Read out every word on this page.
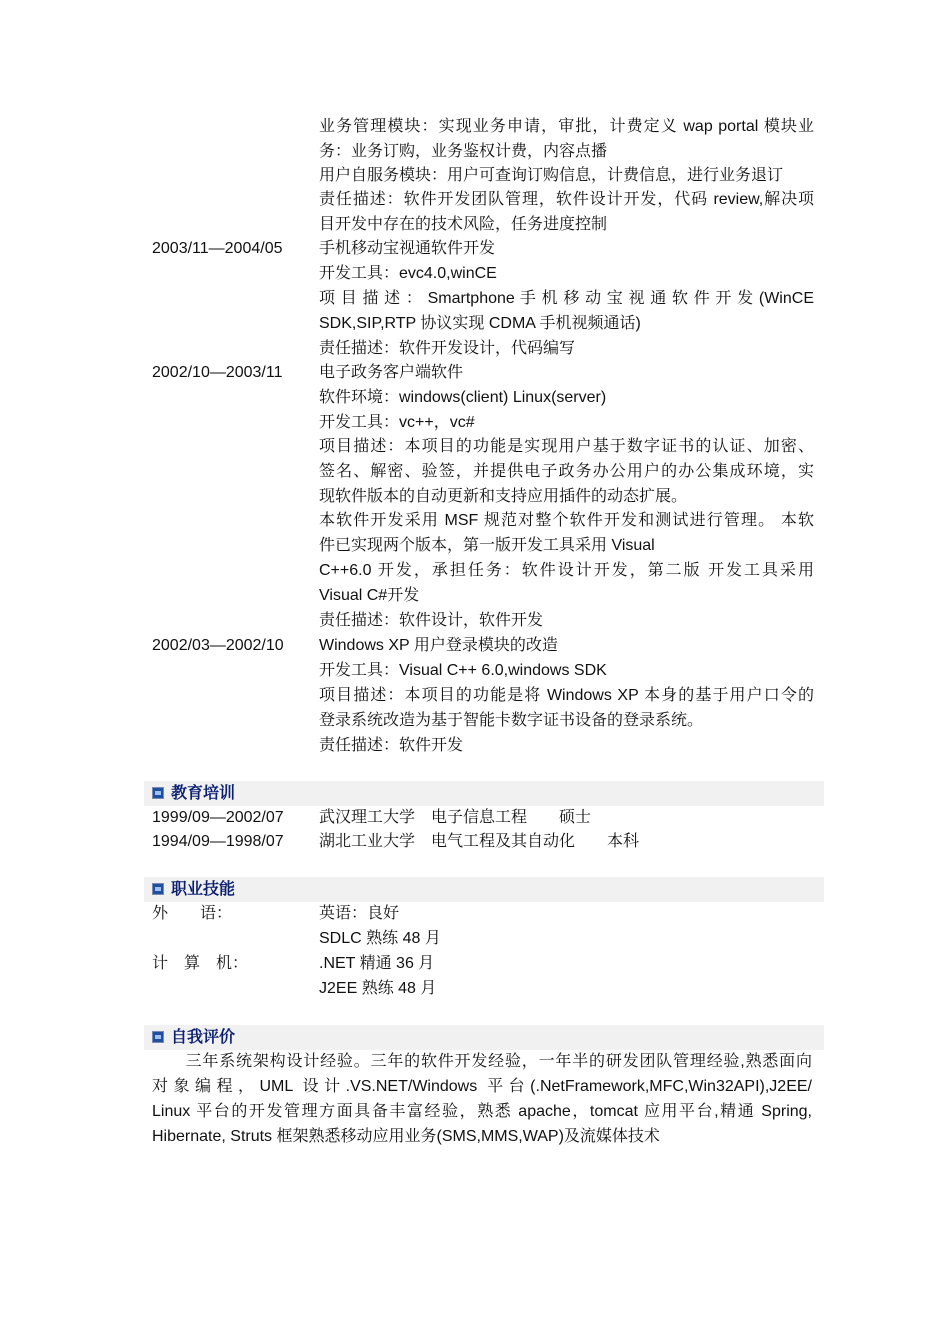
业务管理模块：实现业务申请，审批，计费定义 wap portal 模块业
务：业务订购，业务鉴权计费，内容点播
用户自服务模块：用户可查询订购信息，计费信息，进行业务退订
责任描述：软件开发团队管理，软件设计开发，代码 review,解决项
目开发中存在的技术风险，任务进度控制
2003/11—2004/05	手机移动宝视通软件开发
开发工具：evc4.0,winCE
项 目 描 述 ： Smartphone 手 机 移 动 宝 视 通 软 件 开 发 (WinCE
SDK,SIP,RTP 协议实现 CDMA 手机视频通话)
责任描述：软件开发设计，代码编写
2002/10—2003/11	电子政务客户端软件
软件环境：windows(client) Linux(server)
开发工具：vc++，vc#
项目描述：本项目的功能是实现用户基于数字证书的认证、加密、
签名、解密、验签，并提供电子政务办公用户的办公集成环境，实
现软件版本的自动更新和支持应用插件的动态扩展。
本软件开发采用 MSF 规范对整个软件开发和测试进行管理。 本软
件已实现两个版本，第一版开发工具采用 Visual
C++6.0 开发，承担任务：软件设计开发，第二版 开发工具采用
Visual C#开发
责任描述：软件设计，软件开发
2002/03—2002/10	Windows XP 用户登录模块的改造
开发工具：Visual C++ 6.0,windows SDK
项目描述：本项目的功能是将 Windows XP 本身的基于用户口令的
登录系统改造为基于智能卡数字证书设备的登录系统。
责任描述：软件开发
教育培训
1999/09—2002/07	武汉理工大学　电子信息工程　　硕士
1994/09—1998/07	湖北工业大学　电气工程及其自动化　　本科
职业技能
外　　语：	英语：良好
SDLC 熟练 48 月
计　算　机：	.NET 精通 36 月
J2EE 熟练 48 月
自我评价
　　三年系统架构设计经验。三年的软件开发经验，一年半的研发团队管理经验,熟悉面向
对象编程，UML 设计.VS.NET/Windows 平台(.NetFramework,MFC,Win32API),J2EE/
Linux 平台的开发管理方面具备丰富经验，熟悉 apache，tomcat 应用平台,精通 Spring,
Hibernate, Struts 框架熟悉移动应用业务(SMS,MMS,WAP)及流媒体技术
